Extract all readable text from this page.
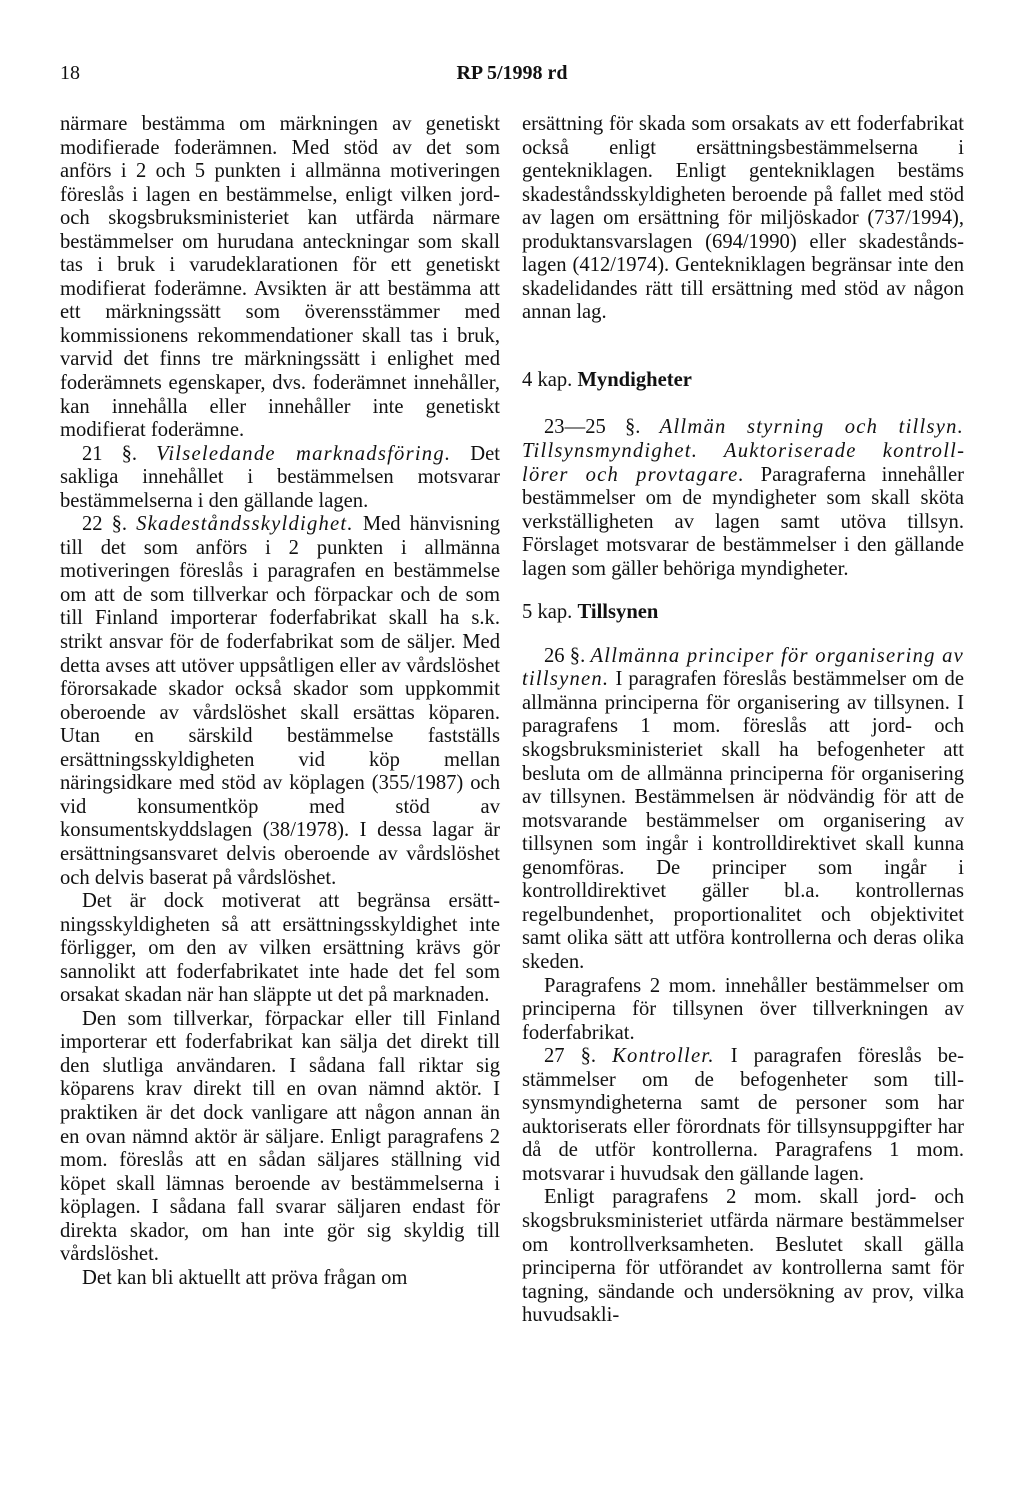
18	RP 5/1998 rd

närmare bestämma om märkningen av genetiskt modifierade foderämnen. Med stöd av det som anförs i 2 och 5 punkten i allmänna motiveringen föreslås i lagen en bestämmelse, enligt vilken jord- och skogsbruksministeriet kan utfärda närmare bestämmelser om hurudana anteckningar som skall tas i bruk i varudeklarationen för ett genetiskt modifierat foderämne. Avsikten är att bestämma att ett märkningssätt som överensstämmer med kommissionens rekommendationer skall tas i bruk, varvid det finns tre märkningssätt i enlighet med foderämnets egenskaper, dvs. foderämnet innehåller, kan innehålla eller innehåller inte genetiskt modifierat foderämne.

21 §. Vilseledande marknadsföring. Det sakliga innehållet i bestämmelsen motsvarar bestämmelserna i den gällande lagen.

22 §. Skadeståndsskyldighet. Med hänvisning till det som anförs i 2 punkten i allmänna motiveringen föreslås i paragrafen en bestämmelse om att de som tillverkar och förpackar och de som till Finland importerar foderfabrikat skall ha s.k. strikt ansvar för de foderfabrikat som de säljer. Med detta avses att utöver uppsåtligen eller av vårdslöshet förorsakade skador också skador som uppkommit oberoende av vårdslöshet skall ersättas köparen. Utan en särskild bestämmelse fastställs ersättningsskyldigheten vid köp mellan näringsidkare med stöd av köplagen (355/1987) och vid konsumentköp med stöd av konsumentskyddslagen (38/1978). I dessa lagar är ersättningsansvaret delvis oberoende av vårdslöshet och delvis baserat på vårdslöshet.

Det är dock motiverat att begränsa ersättningsskyldigheten så att ersättningsskyldighet inte förligger, om den av vilken ersättning krävs gör sannolikt att foderfabrikatet inte hade det fel som orsakat skadan när han släppte ut det på marknaden.

Den som tillverkar, förpackar eller till Finland importerar ett foderfabrikat kan sälja det direkt till den slutliga användaren. I sådana fall riktar sig köparens krav direkt till en ovan nämnd aktör. I praktiken är det dock vanligare att någon annan än en ovan nämnd aktör är säljare. Enligt paragrafens 2 mom. föreslås att en sådan säljares ställning vid köpet skall lämnas beroende av bestämmelserna i köplagen. I sådana fall svarar säljaren endast för direkta skador, om han inte gör sig skyldig till vårdslöshet.

Det kan bli aktuellt att pröva frågan om

ersättning för skada som orsakats av ett foderfabrikat också enligt ersättningsbestämmelserna i gentekniklagen. Enligt gentekniklagen bestäms skadeståndsskyldigheten beroende på fallet med stöd av lagen om ersättning för miljöskador (737/1994), produktansvarslagen (694/1990) eller skadeståndslagen (412/1974). Gentekniklagen begränsar inte den skadelidandes rätt till ersättning med stöd av någon annan lag.

4 kap. Myndigheter

23—25 §. Allmän styrning och tillsyn. Tillsynsmyndighet. Auktoriserade kontrolllörer och provtagare. Paragraferna innehåller bestämmelser om de myndigheter som skall sköta verkställigheten av lagen samt utöva tillsyn. Förslaget motsvarar de bestämmelser i den gällande lagen som gäller behöriga myndigheter.

5 kap. Tillsynen

26 §. Allmänna principer för organisering av tillsynen. I paragrafen föreslås bestämmelser om de allmänna principerna för organisering av tillsynen. I paragrafens 1 mom. föreslås att jord- och skogsbruksministeriet skall ha befogenheter att besluta om de allmänna principerna för organisering av tillsynen. Bestämmelsen är nödvändig för att de motsvarande bestämmelser om organisering av tillsynen som ingår i kontrolldirektivet skall kunna genomföras. De principer som ingår i kontrolldirektivet gäller bl.a. kontrollernas regelbundenhet, proportionalitet och objektivitet samt olika sätt att utföra kontrollerna och deras olika skeden.

Paragrafens 2 mom. innehåller bestämmelser om principerna för tillsynen över tillverkningen av foderfabrikat.

27 §. Kontroller. I paragrafen föreslås bestämmelser om de befogenheter som tillsynsmyndigheterna samt de personer som har auktoriserats eller förordnats för tillsynsuppgifter har då de utför kontrollerna. Paragrafens 1 mom. motsvarar i huvudsak den gällande lagen.

Enligt paragrafens 2 mom. skall jord- och skogsbruksministeriet utfärda närmare bestämmelser om kontrollverksamheten. Beslutet skall gälla principerna för utförandet av kontrollerna samt för tagning, sändande och undersökning av prov, vilka huvudsakli-
